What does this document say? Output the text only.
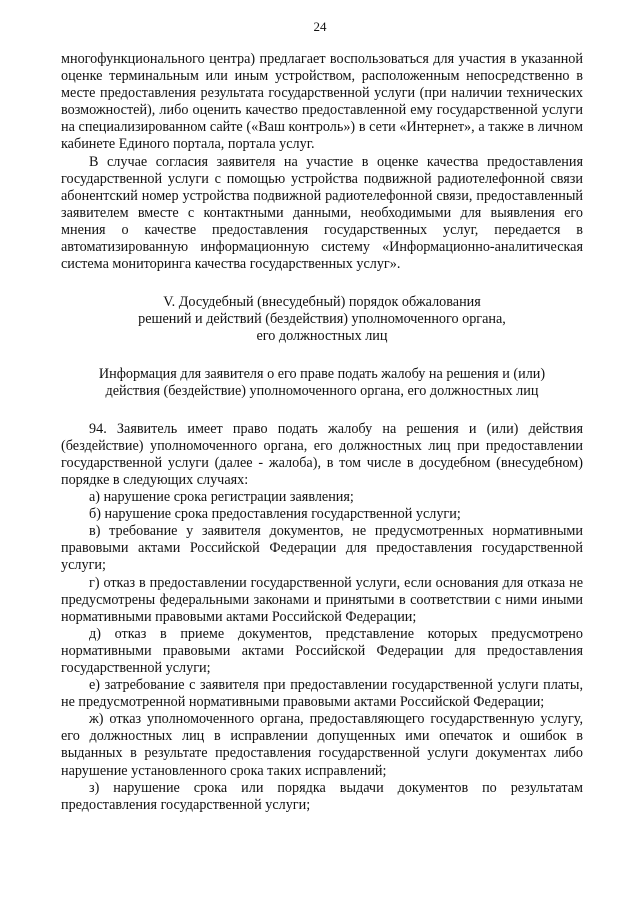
24

многофункционального центра) предлагает воспользоваться для участия в указанной оценке терминальным или иным устройством, расположенным непосредственно в месте предоставления результата государственной услуги (при наличии технических возможностей), либо оценить качество предоставленной ему государственной услуги на специализированном сайте («Ваш контроль») в сети «Интернет», а также в личном кабинете Единого портала, портала услуг.

В случае согласия заявителя на участие в оценке качества предоставления государственной услуги с помощью устройства подвижной радиотелефонной связи абонентский номер устройства подвижной радиотелефонной связи, предоставленный заявителем вместе с контактными данными, необходимыми для выявления его мнения о качестве предоставления государственных услуг, передается в автоматизированную информационную систему «Информационно-аналитическая система мониторинга качества государственных услуг».

V. Досудебный (внесудебный) порядок обжалования
решений и действий (бездействия) уполномоченного органа,
его должностных лиц

Информация для заявителя о его праве подать жалобу на решения и (или)
действия (бездействие) уполномоченного органа, его должностных лиц

94. Заявитель имеет право подать жалобу на решения и (или) действия (бездействие) уполномоченного органа, его должностных лиц при предоставлении государственной услуги (далее - жалоба), в том числе в досудебном (внесудебном) порядке в следующих случаях:

а) нарушение срока регистрации заявления;

б) нарушение срока предоставления государственной услуги;

в) требование у заявителя документов, не предусмотренных нормативными правовыми актами Российской Федерации для предоставления государственной услуги;

г) отказ в предоставлении государственной услуги, если основания для отказа не предусмотрены федеральными законами и принятыми в соответствии с ними иными нормативными правовыми актами Российской Федерации;

д) отказ в приеме документов, представление которых предусмотрено нормативными правовыми актами Российской Федерации для предоставления государственной услуги;

е) затребование с заявителя при предоставлении государственной услуги платы, не предусмотренной нормативными правовыми актами Российской Федерации;

ж) отказ уполномоченного органа, предоставляющего государственную услугу, его должностных лиц в исправлении допущенных ими опечаток и ошибок в выданных в результате предоставления государственной услуги документах либо нарушение установленного срока таких исправлений;

з) нарушение срока или порядка выдачи документов по результатам предоставления государственной услуги;
